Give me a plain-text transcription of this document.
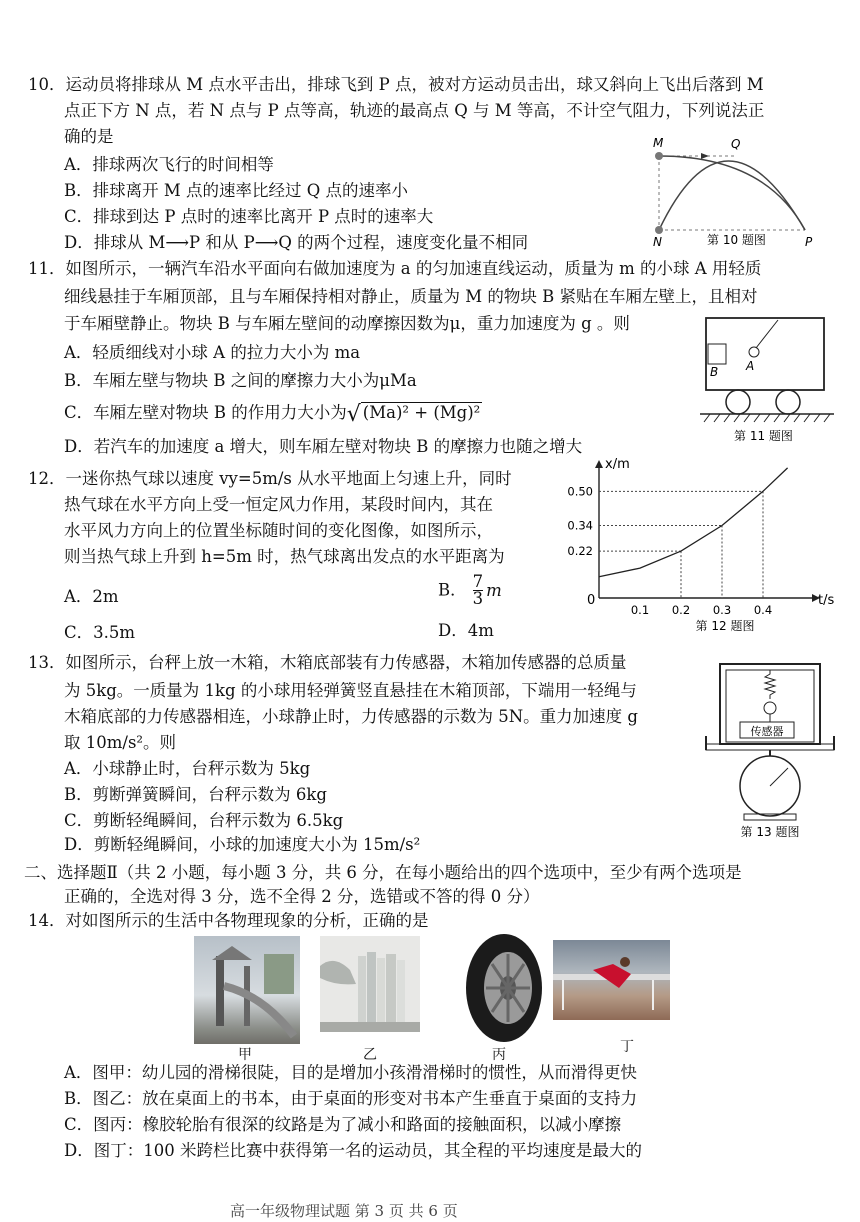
10．运动员将排球从 M 点水平击出，排球飞到 P 点，被对方运动员击出，球又斜向上飞出后落到 M
点正下方 N 点，若 N 点与 P 点等高，轨迹的最高点 Q 与 M 等高，不计空气阻力，下列说法正
确的是
A．排球两次飞行的时间相等
B．排球离开 M 点的速率比经过 Q 点的速率小
C．排球到达 P 点时的速率比离开 P 点时的速率大
D．排球从 M⟶P 和从 P⟶Q 的两个过程，速度变化量不相同
M	Q
N	P
第 10 题图
11．如图所示，一辆汽车沿水平面向右做加速度为 a 的匀加速直线运动，质量为 m 的小球 A 用轻质
细线悬挂于车厢顶部，且与车厢保持相对静止，质量为 M 的物块 B 紧贴在车厢左壁上，且相对
于车厢壁静止。物块 B 与车厢左壁间的动摩擦因数为μ，重力加速度为 g 。则
A．轻质细线对小球 A 的拉力大小为 ma
B．车厢左壁与物块 B 之间的摩擦力大小为μMa
C．车厢左壁对物块 B 的作用力大小为√ (Ma)² + (Mg)²
D．若汽车的加速度 a 增大，则车厢左壁对物块 B 的摩擦力也随之增大
B A
第 11 题图
12．一迷你热气球以速度 vy=5m/s 从水平地面上匀速上升，同时
热气球在水平方向上受一恒定风力作用，某段时间内，其在
水平风力方向上的位置坐标随时间的变化图像，如图所示，
则当热气球上升到 h=5m 时，热气球离出发点的水平距离为
A．2m	B． $\frac{7}{3}$ m
C．3.5m	D．4m	第 12 题图
x/m
t/s
0
0.1 0.2 0.3 0.4
0.22
0.34
0.50
13．如图所示，台秤上放一木箱，木箱底部装有力传感器，木箱加传感器的总质量
为 5kg。一质量为 1kg 的小球用轻弹簧竖直悬挂在木箱顶部，下端用一轻绳与
木箱底部的力传感器相连，小球静止时，力传感器的示数为 5N。重力加速度 g
取 10m/s²。则
A．小球静止时，台秤示数为 5kg
B．剪断弹簧瞬间，台秤示数为 6kg
C．剪断轻绳瞬间，台秤示数为 6.5kg
D．剪断轻绳瞬间，小球的加速度大小为 15m/s²
传感器
第 13 题图
二、选择题Ⅱ（共 2 小题，每小题 3 分，共 6 分，在每小题给出的四个选项中，至少有两个选项是
正确的，全选对得 3 分，选不全得 2 分，选错或不答的得 0 分）
14．对如图所示的生活中各物理现象的分析，正确的是
甲	乙	丙	丁
A．图甲：幼儿园的滑梯很陡，目的是增加小孩滑滑梯时的惯性，从而滑得更快
B．图乙：放在桌面上的书本，由于桌面的形变对书本产生垂直于桌面的支持力
C．图丙：橡胶轮胎有很深的纹路是为了减小和路面的接触面积，以减小摩擦
D．图丁：100 米跨栏比赛中获得第一名的运动员，其全程的平均速度是最大的
高一年级物理试题 第 3 页 共 6 页
